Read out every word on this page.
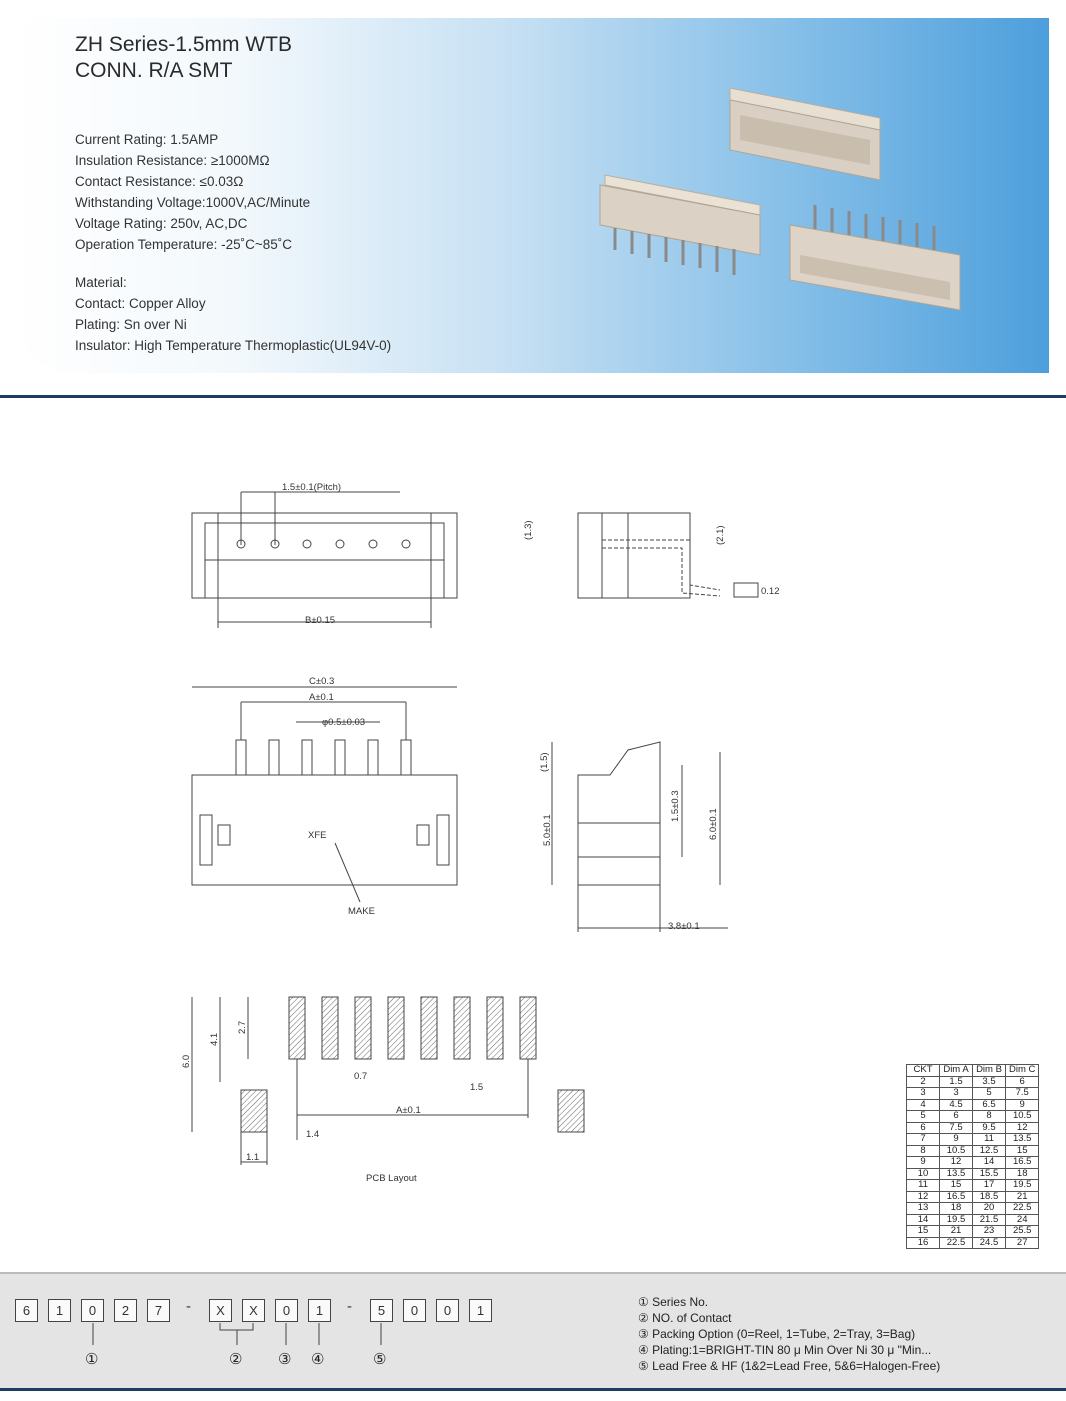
ZH Series-1.5mm WTB
CONN. R/A SMT
Current Rating: 1.5AMP
Insulation Resistance: ≥1000MΩ
Contact Resistance: ≤0.03Ω
Withstanding Voltage:1000V,AC/Minute
Voltage Rating: 250v, AC,DC
Operation Temperature: -25˚C~85˚C
Material:
Contact: Copper Alloy
Plating: Sn over Ni
Insulator: High Temperature Thermoplastic(UL94V-0)
1.5±0.1(Pitch)
B±0.15
(1.3)	(2.1)
0.12
C±0.3
A±0.1
φ0.5±0.03
XFE
MAKE
(1.5)
5.0±0.1
1.5±0.3
6.0±0.1
3.8±0.1
6.0
4.1
2.7
0.7
1.5
A±0.1
1.4
1.1
PCB Layout
CKT	Dim A	Dim B	Dim C
2	1.5	3.5	6
3	3	5	7.5
4	4.5	6.5	9
5	6	8	10.5
6	7.5	9.5	12
7	9	11	13.5
8	10.5	12.5	15
9	12	14	16.5
10	13.5	15.5	18
11	15	17	19.5
12	16.5	18.5	21
13	18	20	22.5
14	19.5	21.5	24
15	21	23	25.5
16	22.5	24.5	27
6	1	0	2	7	-	X	X	0	1	-	5	0	0	1
①	② ③ ④	⑤
① Series No.
② NO. of Contact
③ Packing Option (0=Reel, 1=Tube, 2=Tray, 3=Bag)
④ Plating:1=BRIGHT-TIN 80 μ Min Over Ni 30 μ "Min...
⑤ Lead Free & HF (1&2=Lead Free, 5&6=Halogen-Free)
